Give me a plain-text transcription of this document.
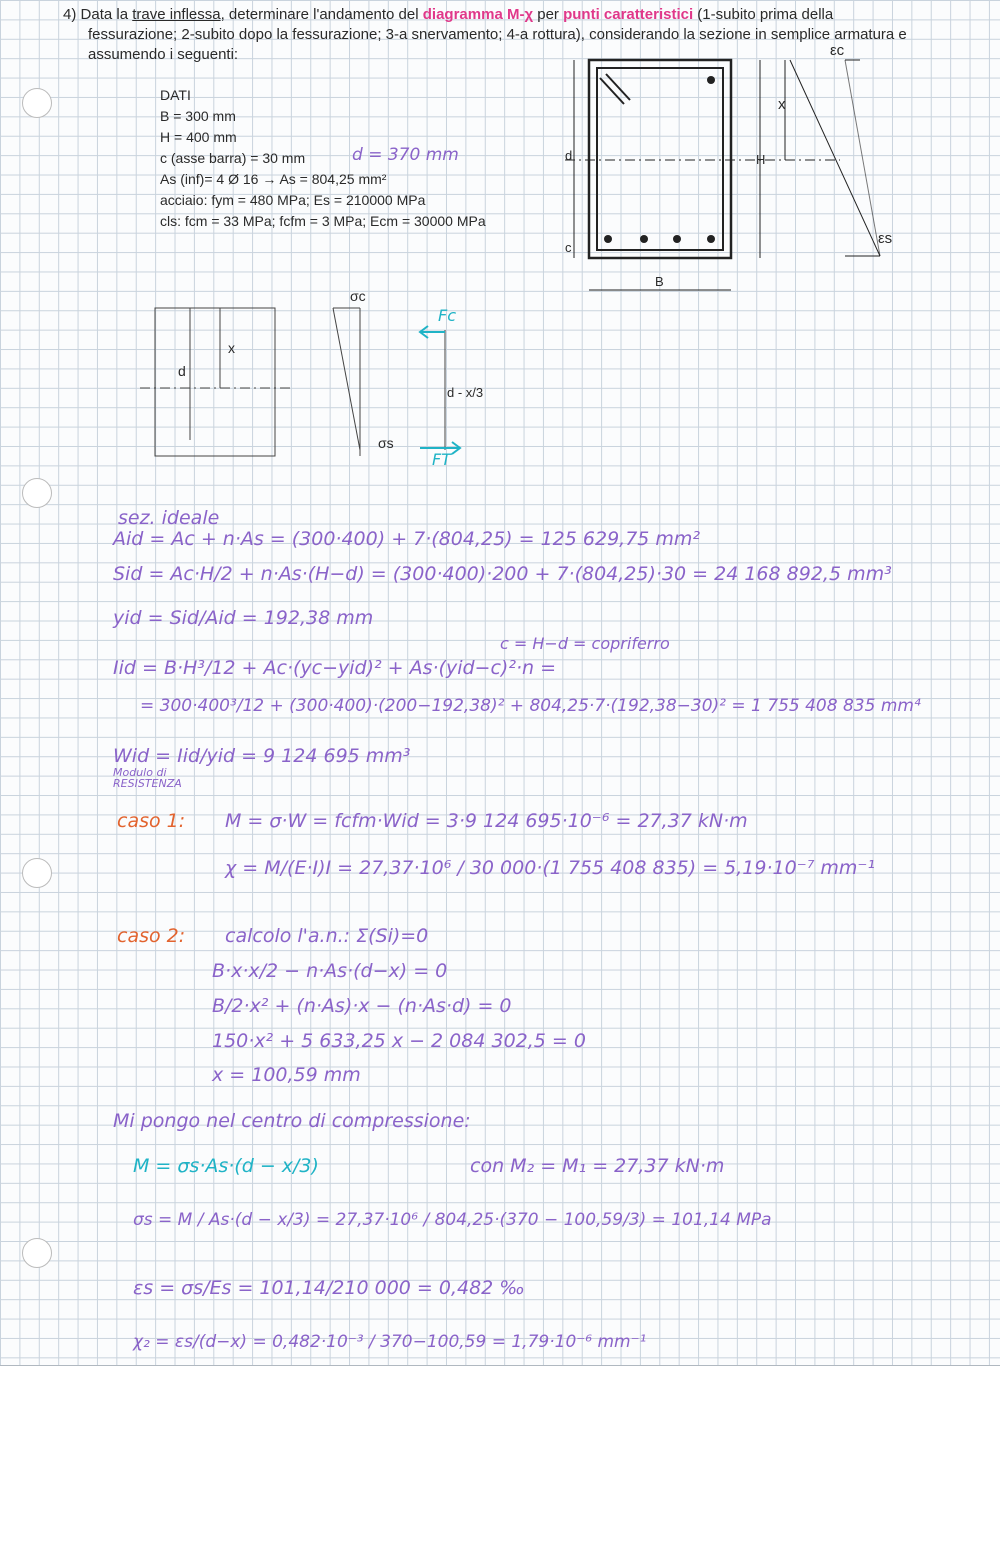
4) Data la trave inflessa, determinare l'andamento del diagramma M-χ per punti caratteristici (1-subito prima della
fessurazione; 2-subito dopo la fessurazione; 3-a snervamento; 4-a rottura), considerando la sezione in semplice armatura e
assumendo i seguenti:
DATI
B = 300 mm
H = 400 mm
c (asse barra) = 30 mm	d = 370 mm
As (inf)= 4 Ø 16 → As = 804,25 mm²
acciaio: fym = 480 MPa; Es = 210000 MPa
cls: fcm = 33 MPa; fcfm = 3 MPa; Ecm = 30000 MPa
B
H
d
c
x
εc
εs
x
d
σc
σs
Fc
FT
d - x/3
sez. ideale
Aid = Ac + n·As = (300·400) + 7·(804,25) = 125 629,75 mm²
Sid = Ac·H/2 + n·As·(H−d) = (300·400)·200 + 7·(804,25)·30 = 24 168 892,5 mm³
yid = Sid/Aid = 192,38 mm
c = H−d = copriferro
Iid = B·H³/12 + Ac·(yc−yid)² + As·(yid−c)²·n =
= 300·400³/12 + (300·400)·(200−192,38)² + 804,25·7·(192,38−30)² = 1 755 408 835 mm⁴
Wid = Iid/yid = 9 124 695 mm³
Modulo di RESISTENZA
caso 1: M = σ·W = fcfm·Wid = 3·9 124 695·10⁻⁶ = 27,37 kN·m
χ = M/(E·I)I = 27,37·10⁶ / 30 000·(1 755 408 835) = 5,19·10⁻⁷ mm⁻¹
caso 2: calcolo l'a.n.: Σ(Si)=0
B·x·x/2 − n·As·(d−x) = 0
B/2·x² + (n·As)·x − (n·As·d) = 0
150·x² + 5 633,25 x − 2 084 302,5 = 0
x = 100,59 mm
Mi pongo nel centro di compressione:
M = σs·As·(d − x/3)	con M₂ = M₁ = 27,37 kN·m
σs = M / As·(d − x/3) = 27,37·10⁶ / 804,25·(370 − 100,59/3) = 101,14 MPa
εs = σs/Es = 101,14/210 000 = 0,482 ‰
χ₂ = εs/(d−x) = 0,482·10⁻³ / 370−100,59 = 1,79·10⁻⁶ mm⁻¹
